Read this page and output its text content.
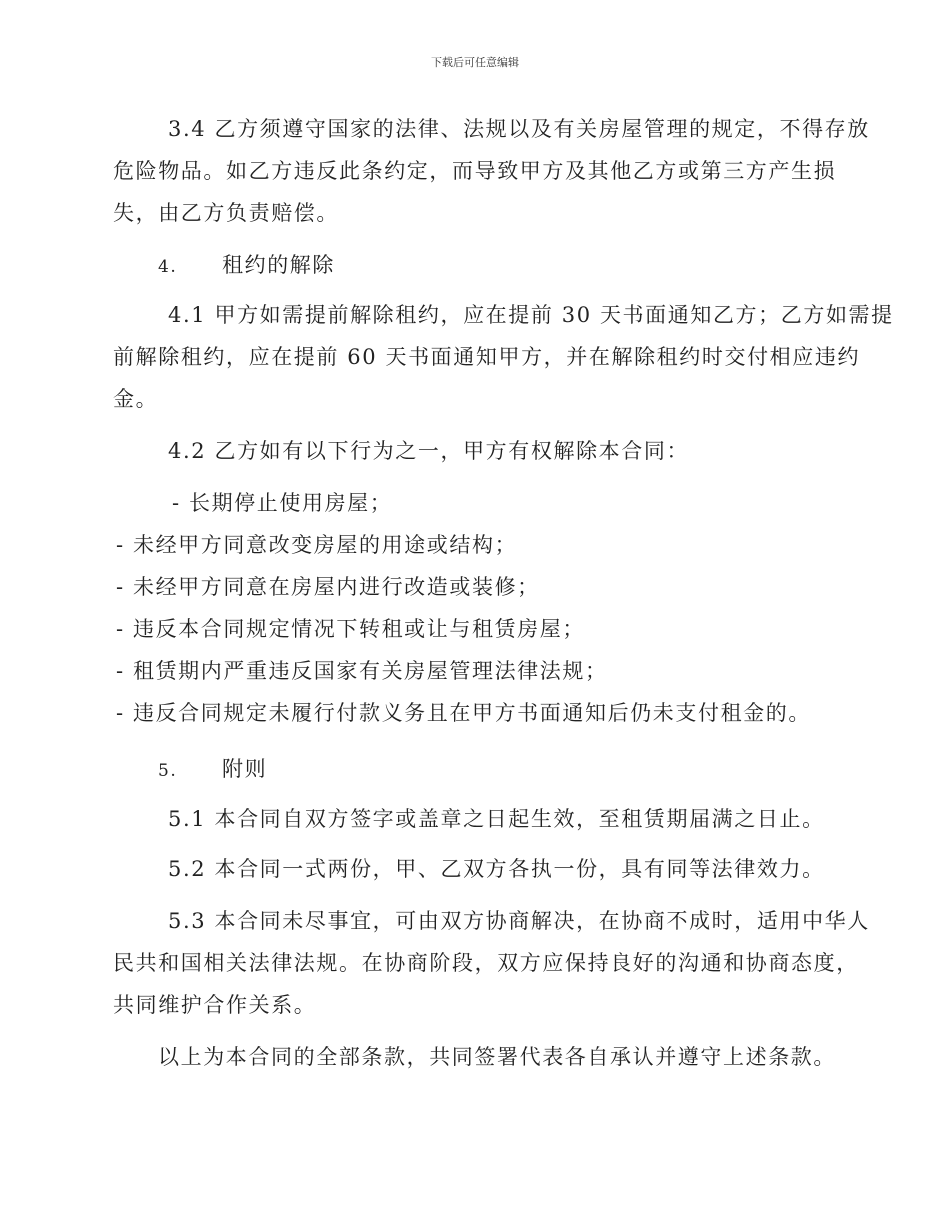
下载后可任意编辑
3.4 乙方须遵守国家的法律、法规以及有关房屋管理的规定，不得存放
危险物品。如乙方违反此条约定，而导致甲方及其他乙方或第三方产生损
失，由乙方负责赔偿。
4. 租约的解除
4.1 甲方如需提前解除租约，应在提前 30 天书面通知乙方；乙方如需提
前解除租约，应在提前 60 天书面通知甲方，并在解除租约时交付相应违约
金。
4.2 乙方如有以下行为之一，甲方有权解除本合同：
- 长期停止使用房屋；
- 未经甲方同意改变房屋的用途或结构；
- 未经甲方同意在房屋内进行改造或装修；
- 违反本合同规定情况下转租或让与租赁房屋；
- 租赁期内严重违反国家有关房屋管理法律法规；
- 违反合同规定未履行付款义务且在甲方书面通知后仍未支付租金的。
5. 附则
5.1 本合同自双方签字或盖章之日起生效，至租赁期届满之日止。
5.2 本合同一式两份，甲、乙双方各执一份，具有同等法律效力。
5.3 本合同未尽事宜，可由双方协商解决，在协商不成时，适用中华人
民共和国相关法律法规。在协商阶段，双方应保持良好的沟通和协商态度，
共同维护合作关系。
以上为本合同的全部条款，共同签署代表各自承认并遵守上述条款。
